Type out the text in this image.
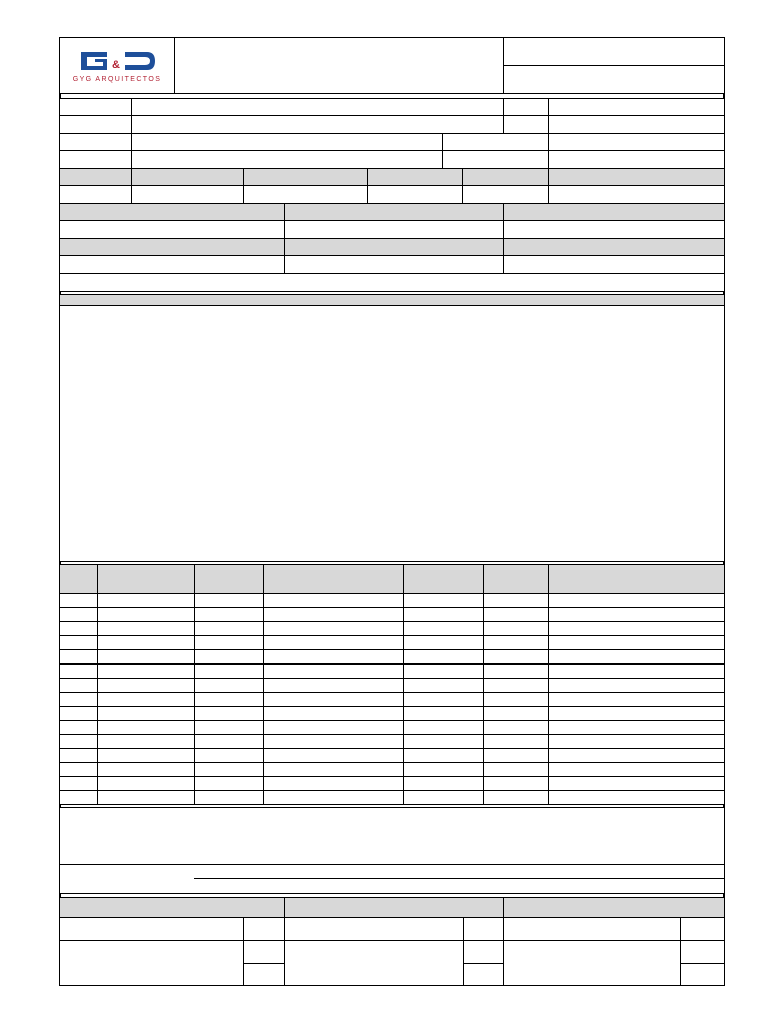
&
GYG ARQUITECTOS
